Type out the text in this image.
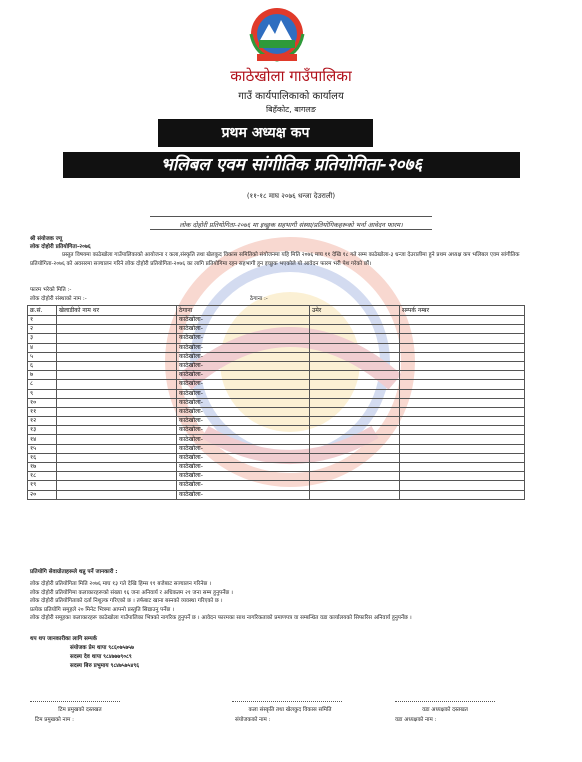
काठेखोला गाउँपालिका
गाउँ कार्यपालिकाको कार्यालय
बिहँकोट, बागलङ
प्रथम अध्यक्ष कप
भलिबल एवम सांगीतिक प्रतियोगिता-२०७६
(११-१८ माघ २०७६ धन्जा देउराली)
लोक दोहोरी प्रतियोगिता-२०७६ मा इच्छुक सहभागी संस्था/प्रतियोगिकहरूको भर्ना आवेदन फारम।
श्री संयोजक ज्यू
लोक दोहोरी प्रतियोगिता-२०७६
प्रस्तुत विषयमा काठेखोला गाउँपालिकाको आयोजना र कला,संस्कृति तथा खेलकुद विकास समितिको संयोजनमा यहि मिति २०७६ माघ ११ देखि १८ गते सम्म काठेखोला-३ धन्जा देउरालीमा हुने प्रथम अध्यक्ष कप भलिबल एवम सांगीतिक प्रतियोगिता-२०७६ को अवसरमा सञ्चालन गरिने लोक दोहोरी प्रतियोगिता-२०७६ का लागि प्रतियोगिमा रहन सहभागी हुन इच्छुक भएकोले यो आवेदन फारम भरी पेश गरेको छौं।
फारम भरेको मिति :-
लोक दोहोरी संस्थाको नाम :-	ठेगाना :-
क्र.सं.	खेलाडीको नाम थर	ठेगाना	उमेर	सम्पर्क नम्बर
१		काठेखोला-		
२		काठेखोला-		
३		काठेखोला-		
४		काठेखोला-		
५		काठेखोला-		
६		काठेखोला-		
७		काठेखोला-		
८		काठेखोला-		
९		काठेखोला-		
१०		काठेखोला-		
११		काठेखोला-		
१२		काठेखोला-		
१३		काठेखोला-		
१४		काठेखोला-		
१५		काठेखोला-		
१६		काठेखोला-		
१७		काठेखोला-		
१८		काठेखोला-		
१९		काठेखोला-		
२०		काठेखोला-		
प्रतियोगि सेवाग्रोताहरूले थप्नु पर्ने जानकारी :
लोक दोहोरी प्रतियोगिता मिति २०७६ माघ १३ गते देखि हिम्स ११ बजेबाट सञ्चालन गरिनेछ ।
लोक दोहोरी प्रतियोगिमा कलाकारहरूको संख्या १६ जना अनिवार्य र अधिकतम २१ जना सम्म हुनुपर्नेछ ।
लोक दोहोरी प्रतियोगिताको दर्ता निशुल्क गरिएको छ । तर्फबाट खाना बस्नको व्यवस्था गरिएको छ ।
प्रत्येक प्रतियोगि समूहले २० मिनेट भित्रमा आफ्नो प्रस्तुति सिद्याउनु पर्नेछ ।
लोक दोहोरी समूहका कलाकारहरू काठेखोला गाउँपालिका भित्रको नागरिक हुनुपर्ने छ । आवेदन फारमका साथ नागरिकताको प्रमाणपत्र वा सम्बन्धित वडा कार्यालयको सिफारिस अनिवार्य हुनुपर्नेछ ।
थप थप जानकारीका लागि सम्पर्क
संयोजक प्रेम थापा ९८६०७५७५७
सदस्य देव थापा ९८४७७७९०८९
सदस्य बिरु प्रभुमाय ९८४७५७५४९६
टिम प्रमुखको दस्तखत	कला संस्कृति तथा खेलकुद विकास समिति	वडा अध्यक्षको दस्तखत
टिम प्रमुखको नाम :	संयोजकको नाम :	वडा अध्यक्षको नाम :
